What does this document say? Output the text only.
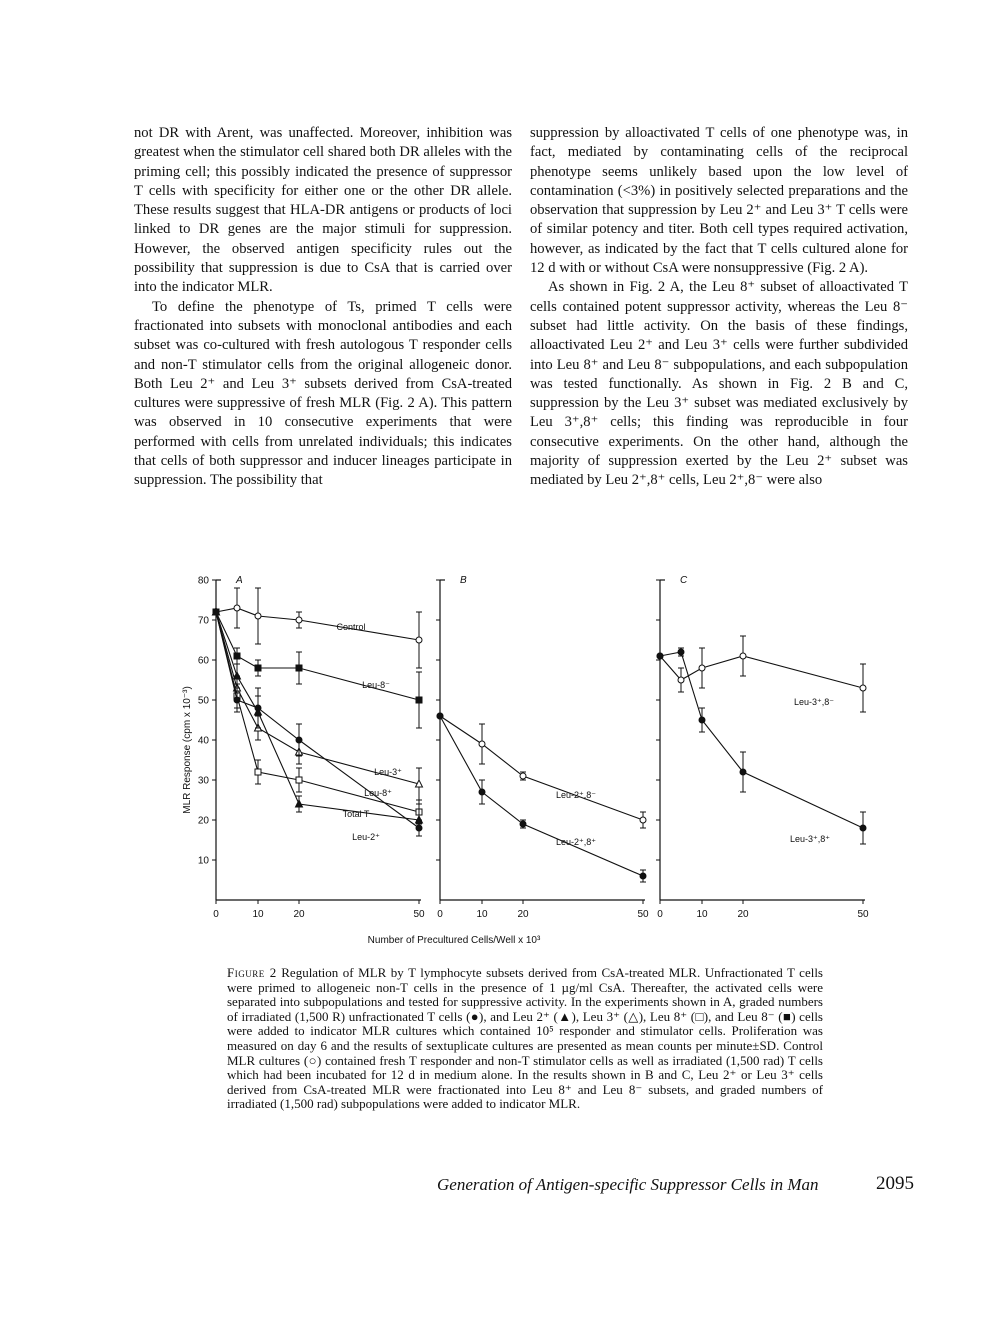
not DR with Arent, was unaffected. Moreover, inhibition was greatest when the stimulator cell shared both DR alleles with the priming cell; this possibly indicated the presence of suppressor T cells with specificity for either one or the other DR allele. These results suggest that HLA-DR antigens or products of loci linked to DR genes are the major stimuli for suppression. However, the observed antigen specificity rules out the possibility that suppression is due to CsA that is carried over into the indicator MLR.

To define the phenotype of Ts, primed T cells were fractionated into subsets with monoclonal antibodies and each subset was co-cultured with fresh autologous T responder cells and non-T stimulator cells from the original allogeneic donor. Both Leu 2⁺ and Leu 3⁺ subsets derived from CsA-treated cultures were suppressive of fresh MLR (Fig. 2 A). This pattern was observed in 10 consecutive experiments that were performed with cells from unrelated individuals; this indicates that cells of both suppressor and inducer lineages participate in suppression. The possibility that

suppression by alloactivated T cells of one phenotype was, in fact, mediated by contaminating cells of the reciprocal phenotype seems unlikely based upon the low level of contamination (<3%) in positively selected preparations and the observation that suppression by Leu 2⁺ and Leu 3⁺ T cells were of similar potency and titer. Both cell types required activation, however, as indicated by the fact that T cells cultured alone for 12 d with or without CsA were nonsuppressive (Fig. 2 A).

As shown in Fig. 2 A, the Leu 8⁺ subset of alloactivated T cells contained potent suppressor activity, whereas the Leu 8⁻ subset had little activity. On the basis of these findings, alloactivated Leu 2⁺ and Leu 3⁺ cells were further subdivided into Leu 8⁺ and Leu 8⁻ subpopulations, and each subpopulation was tested functionally. As shown in Fig. 2 B and C, suppression by the Leu 3⁺ subset was mediated exclusively by Leu 3⁺,8⁺ cells; this finding was reproducible in four consecutive experiments. On the other hand, although the majority of suppression exerted by the Leu 2⁺ subset was mediated by Leu 2⁺,8⁺ cells, Leu 2⁺,8⁻ were also

MLR Response (cpm x 10⁻³)
Number of Precultured Cells/Well x 10³
A
0	10	20	50
80
70
60
50
40
30
20
10
Control
Leu-8⁻
Leu-3⁺
Leu-8⁺
Total T
Leu-2⁺
B
0	10	20	50
Leu-2⁺,8⁻
Leu-2⁺,8⁺
C
0	10	20	50
Leu-3⁺,8⁻
Leu-3⁺,8⁺
Figure 2 Regulation of MLR by T lymphocyte subsets derived from CsA-treated MLR. Unfractionated T cells were primed to allogeneic non-T cells in the presence of 1 µg/ml CsA. Thereafter, the activated cells were separated into subpopulations and tested for suppressive activity. In the experiments shown in A, graded numbers of irradiated (1,500 R) unfractionated T cells (●), and Leu 2⁺ (▲), Leu 3⁺ (△), Leu 8⁺ (□), and Leu 8⁻ (■) cells were added to indicator MLR cultures which contained 10⁵ responder and stimulator cells. Proliferation was measured on day 6 and the results of sextuplicate cultures are presented as mean counts per minute±SD. Control MLR cultures (○) contained fresh T responder and non-T stimulator cells as well as irradiated (1,500 rad) T cells which had been incubated for 12 d in medium alone. In the results shown in B and C, Leu 2⁺ or Leu 3⁺ cells derived from CsA-treated MLR were fractionated into Leu 8⁺ and Leu 8⁻ subsets, and graded numbers of irradiated (1,500 rad) subpopulations were added to indicator MLR.
Generation of Antigen-specific Suppressor Cells in Man	2095
